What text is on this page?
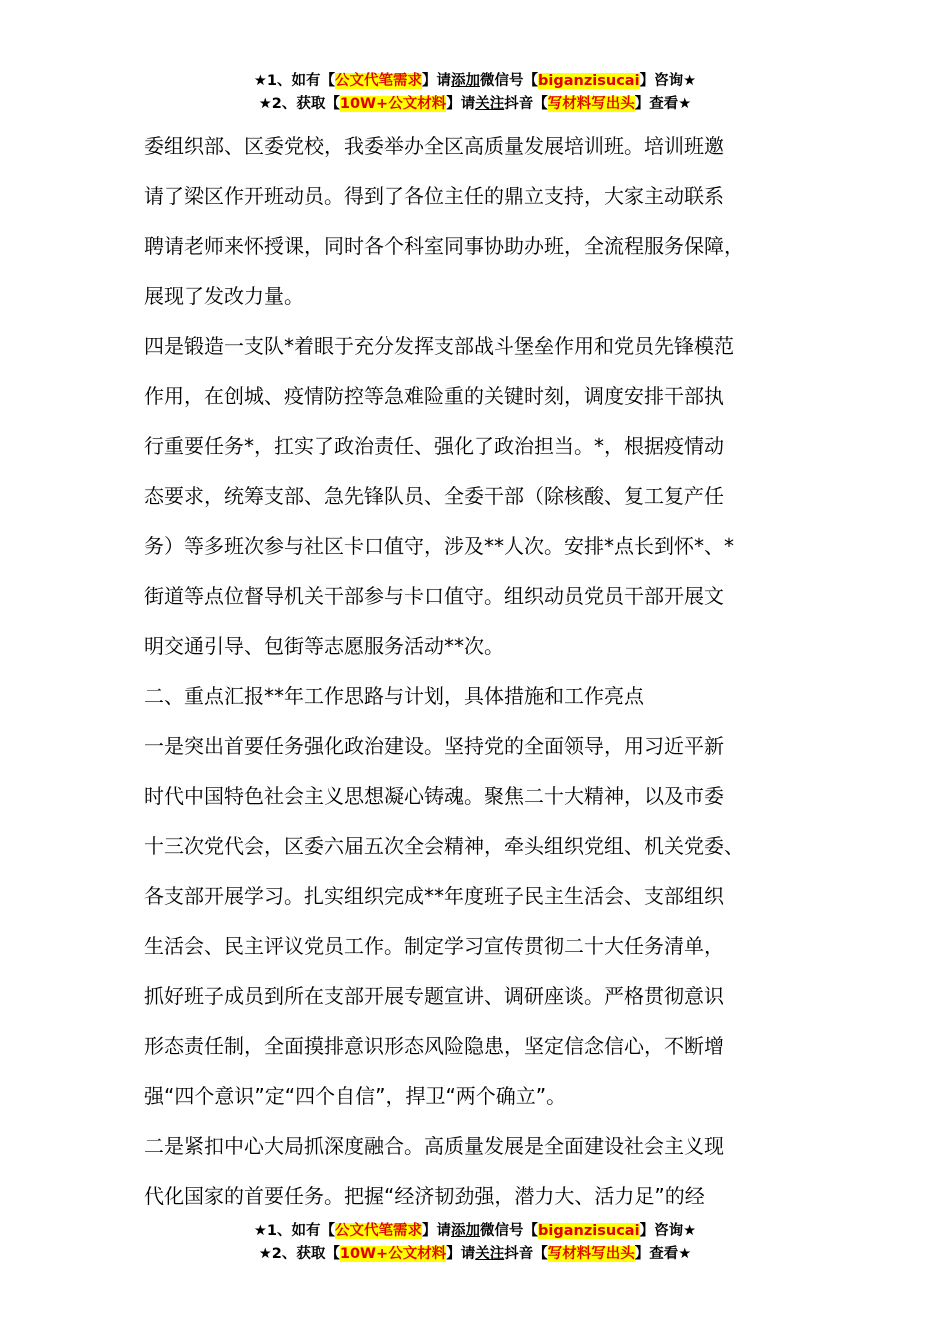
★1、如有【公文代笔需求】请添加微信号【biganzisucai】咨询★
★2、获取【10W+公文材料】请关注抖音【写材料写出头】查看★

委组织部、区委党校，我委举办全区高质量发展培训班。培训班邀

请了梁区作开班动员。得到了各位主任的鼎立支持，大家主动联系

聘请老师来怀授课，同时各个科室同事协助办班，全流程服务保障，

展现了发改力量。

四是锻造一支队*着眼于充分发挥支部战斗堡垒作用和党员先锋模范

作用，在创城、疫情防控等急难险重的关键时刻，调度安排干部执

行重要任务*，扛实了政治责任、强化了政治担当。*，根据疫情动

态要求，统筹支部、急先锋队员、全委干部（除核酸、复工复产任

务）等多班次参与社区卡口值守，涉及**人次。安排*点长到怀*、*

街道等点位督导机关干部参与卡口值守。组织动员党员干部开展文

明交通引导、包街等志愿服务活动**次。

二、重点汇报**年工作思路与计划，具体措施和工作亮点

一是突出首要任务强化政治建设。坚持党的全面领导，用习近平新

时代中国特色社会主义思想凝心铸魂。聚焦二十大精神，以及市委

十三次党代会，区委六届五次全会精神，牵头组织党组、机关党委、

各支部开展学习。扎实组织完成**年度班子民主生活会、支部组织

生活会、民主评议党员工作。制定学习宣传贯彻二十大任务清单，

抓好班子成员到所在支部开展专题宣讲、调研座谈。严格贯彻意识

形态责任制，全面摸排意识形态风险隐患，坚定信念信心，不断增

强“四个意识”定“四个自信”，捍卫“两个确立”。

二是紧扣中心大局抓深度融合。高质量发展是全面建设社会主义现

代化国家的首要任务。把握“经济韧劲强，潜力大、活力足”的经

★1、如有【公文代笔需求】请添加微信号【biganzisucai】咨询★
★2、获取【10W+公文材料】请关注抖音【写材料写出头】查看★
